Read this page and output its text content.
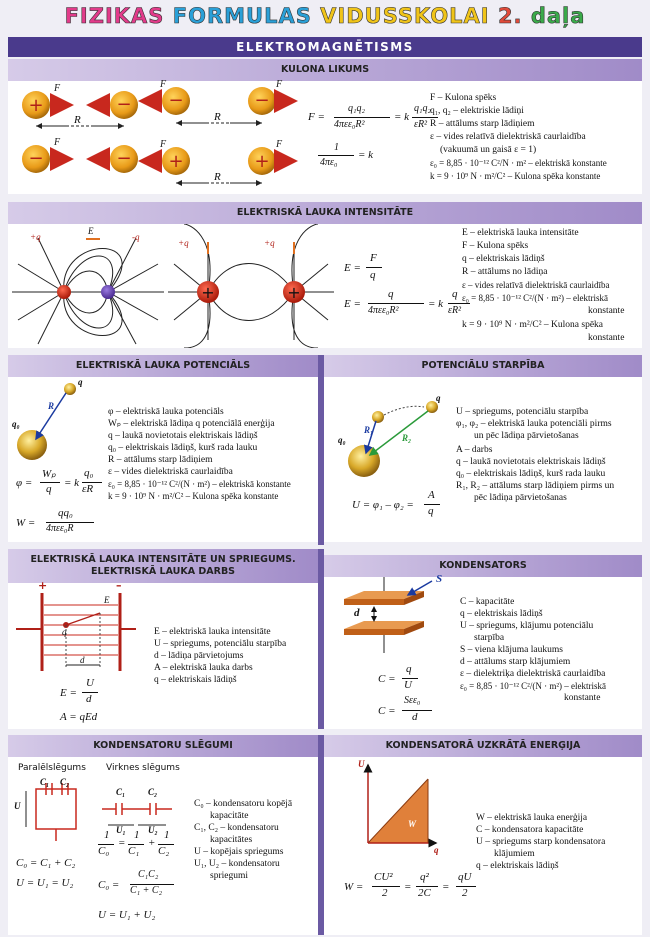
FIZIKAS FORMULAS VIDUSSKOLAI 2. daļa
ELEKTROMAGNĒTISMS
KULONA LIKUMS
+	− −	−
−	− +	+
F	F	F
F	F	F
R	R
R
F =
q₁q₂
4πεε₀R²
= k
q₁q₂
εR²
1
4πε₀
= k
F – Kulona spēks
q₁, q₂ – elektriskie lādiņi
R – attālums starp lādiņiem
ε – vides relatīvā dielektriskā caurlaidība
(vakuumā un gaisā ε = 1)
ε₀ = 8,85 · 10⁻¹² C²/N · m² – elektriskā konstante
k = 9 · 10⁹ N · m²/C² – Kulona spēka konstante
ELEKTRISKĀ LAUKA INTENSITĀTE
+	+
+q	-q
E
+q	+q
E =
F
q
E =
q
4πεε₀R²
= k
q
εR²
E – elektriskā lauka intensitāte
F – Kulona spēks
q – elektriskais lādiņš
R – attālums no lādiņa
ε – vides relatīvā dielektriskā caurlaidība
ε₀ = 8,85 · 10⁻¹² C²/(N · m²) – elektriskā
konstante
k = 9 · 10⁹ N · m²/C² – Kulona spēka
konstante
ELEKTRISKĀ LAUKA POTENCIĀLS	POTENCIĀLU STARPĪBA
q
q₀
R
φ – elektriskā lauka potenciāls
Wₚ – elektriskā lādiņa q potenciālā enerģija
q – laukā novietotais elektriskais lādiņš
q₀ – elektriskais lādiņš, kurš rada lauku
R – attālums starp lādiņiem
ε – vides dielektriskā caurlaidība
ε₀ = 8,85 · 10⁻¹² C²/(N · m²) – elektriskā konstante
k = 9 · 10⁹ N · m²/C² – Kulona spēka konstante
φ =
Wₚ
q = k
q₀
εR
W =
qq₀
4πεε₀R
q
q₀
R₁
R₂
U – spriegums, potenciālu starpība
φ₁, φ₂ – elektriskā lauka potenciāli pirms
un pēc lādiņa pārvietošanas
A – darbs
q – laukā novietotais elektriskais lādiņš
q₀ – elektriskais lādiņš, kurš rada lauku
R₁, R₂ – attālums starp lādiņiem pirms un
pēc lādiņa pārvietošanas
U = φ₁ – φ₂ =
A
q
ELEKTRISKĀ LAUKA INTENSITĀTE UN SPRIEGUMS.
ELEKTRISKĀ LAUKA DARBS
KONDENSATORS
+	–
E
q
d
E – elektriskā lauka intensitāte
U – spriegums, potenciālu starpība
d – lādiņa pārvietojums
A – elektriskā lauka darbs
q – elektriskais lādiņš
E =
U
d
A = qEd
S
d
C – kapacitāte
q – elektriskais lādiņš
U – spriegums, klājumu potenciālu
starpība
S – viena klājuma laukums
d – attālums starp klājumiem
ε – dielektriķa dielektriskā caurlaidība
ε₀ = 8,85 · 10⁻¹² C²/(N · m²) – elektriskā
konstante
C =
q
U
C =
Sεε₀
d
KONDENSATORU SLĒGUMI	KONDENSATORĀ UZKRĀTĀ ENERĢIJA
Paralēlslēgums Virknes slēgums
C₁ C₂
U
C₁	C₂
U₁ U₂
C₀ – kondensatoru kopējā
kapacitāte
C₁, C₂ – kondensatoru
kapacitātes
U – kopējais spriegums
U₁, U₂ – kondensatoru
spriegumi
C₀ = C₁ + C₂
U = U₁ = U₂
1
C₀
=
1
C₁
+
1
C₂
C₀ =
C₁C₂
C₁ + C₂
U = U₁ + U₂
U
q
W
W – elektriskā lauka enerģija
C – kondensatora kapacitāte
U – spriegums starp kondensatora
klājumiem
q – elektriskais lādiņš
W =
CU²
2 =
q²
2C =
qU
2
